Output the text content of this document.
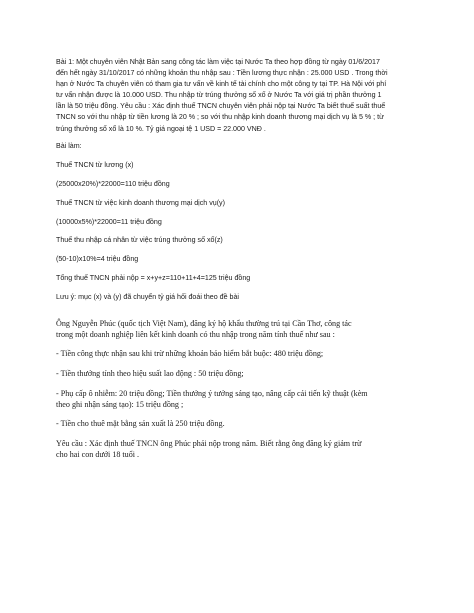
Bài 1: Một chuyên viên Nhật Bản sang công tác làm việc tại Nước Ta theo hợp đồng từ ngày 01/6/2017
đến hết ngày 31/10/2017 có những khoản thu nhập sau : Tiền lương thực nhận : 25.000 USD . Trong thời
hạn ở Nước Ta chuyên viên có tham gia tư vấn về kinh tế tài chính cho một công ty tại TP. Hà Nội với phí
tư vấn nhận được là 10.000 USD. Thu nhập từ trúng thưởng số xố ở Nước Ta với giá trị phần thưởng 1
lần là 50 triệu đồng. Yêu cầu : Xác định thuế TNCN chuyên viên phải nộp tại Nước Ta biết thuế suất thuế
TNCN so với thu nhập từ tiền lương là 20 % ; so với thu nhập kinh doanh thương mại dịch vụ là 5 % ; từ
trúng thưởng số xổ là 10 %. Tỷ giá ngoại tệ 1 USD = 22.000 VNĐ .
Bài làm:
Thuế TNCN từ lương (x)
(25000x20%)*22000=110 triệu đồng
Thuế TNCN từ việc kinh doanh thương mại dịch vụ(y)
(10000x5%)*22000=11 triệu đồng
Thuế thu nhập cá nhân từ việc trúng thưởng số xố(z)
(50-10)x10%=4 triệu đồng
Tổng thuế TNCN phải nộp = x+y+z=110+11+4=125 triệu đồng
Lưu ý: mục (x) và (y) đã chuyển tỷ giá hối đoái theo đề bài
Ông Nguyễn Phúc (quốc tịch Việt Nam), đăng ký hộ khẩu thường trú tại Cần Thơ, công tác
trong một doanh nghiệp liên kết kinh doanh có thu nhập trong năm tính thuế như sau :
- Tiền công thực nhận sau khi trừ những khoản bảo hiểm bắt buộc: 480 triệu đồng;
- Tiền thưởng tính theo hiệu suất lao động : 50 triệu đồng;
- Phụ cấp ô nhiễm: 20 triệu đồng; Tiền thưởng ý tưởng sáng tạo, nâng cấp cải tiến kỹ thuật (kèm
theo ghi nhận sáng tạo): 15 triệu đồng ;
- Tiền cho thuê mặt bằng sản xuất là 250 triệu đồng.
Yêu cầu : Xác định thuế TNCN ông Phúc phải nộp trong năm. Biết rằng ông đăng ký giảm trừ
cho hai con dưới 18 tuổi .
